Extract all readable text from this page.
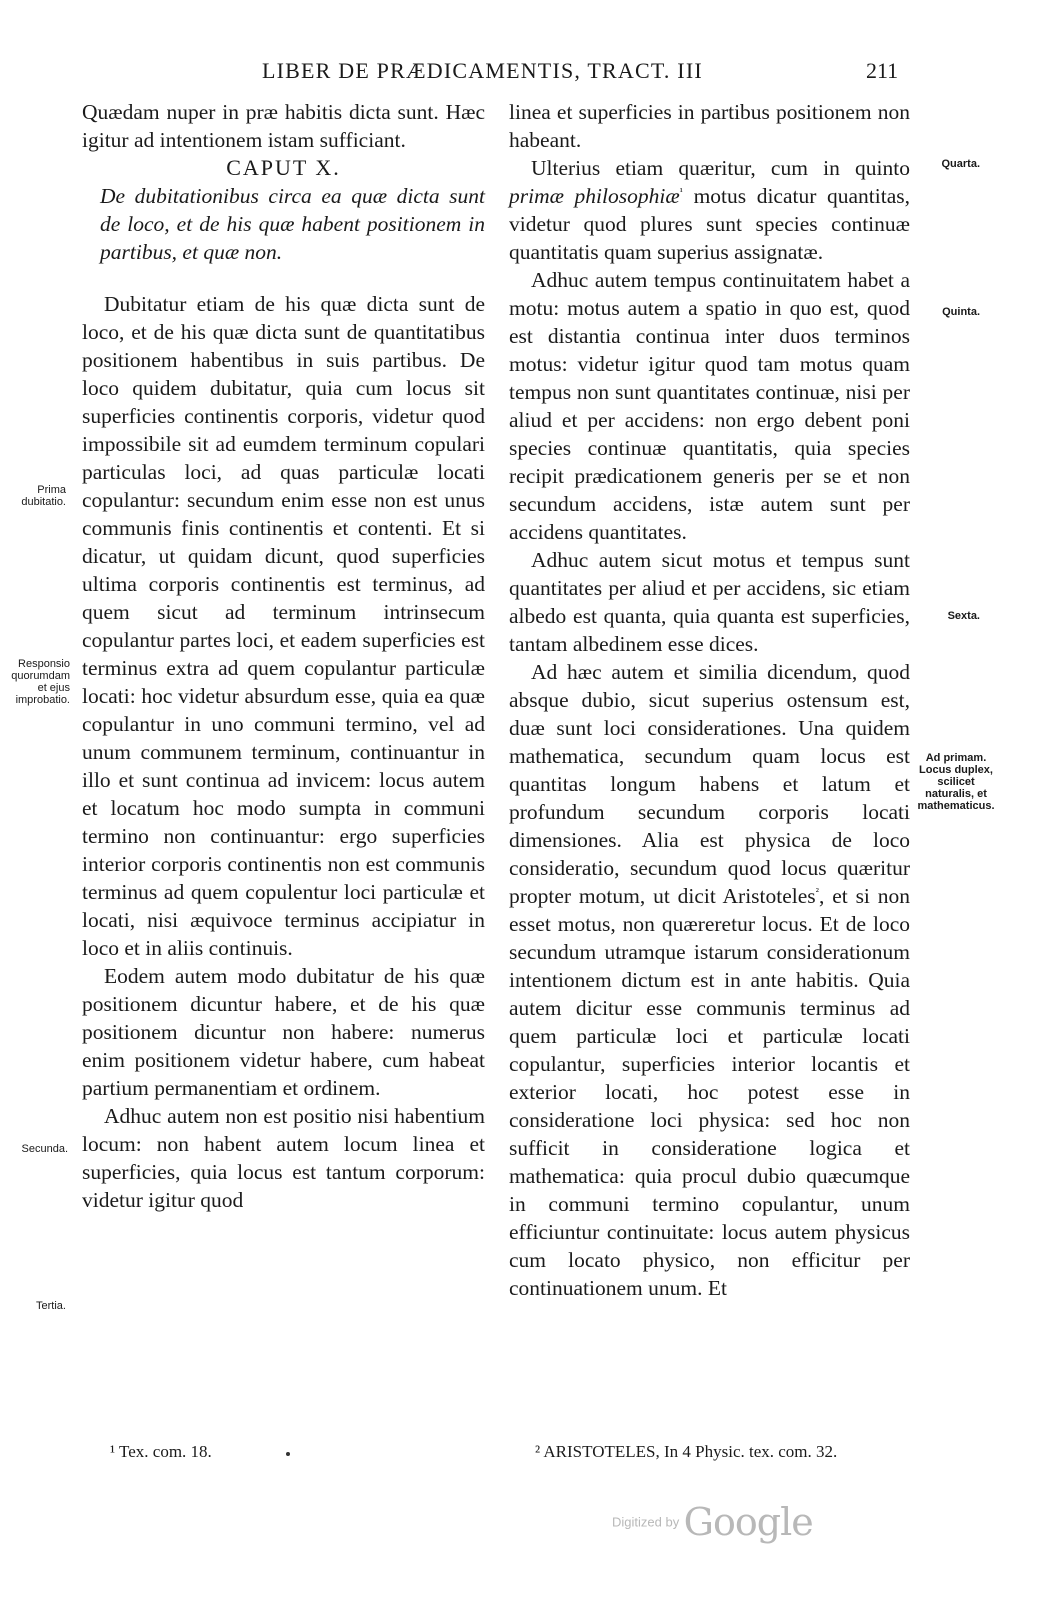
LIBER DE PRÆDICAMENTIS, TRACT. III	211

Quædam nuper in præ habitis dicta sunt. Hæc igitur ad intentionem istam sufficiant.

CAPUT X.

De dubitationibus circa ea quæ dicta sunt de loco, et de his quæ habent positionem in partibus, et quæ non.

Dubitatur etiam de his quæ dicta sunt de loco, et de his quæ dicta sunt de quantitatibus positionem habentibus in suis partibus. De loco quidem dubitatur, quia cum locus sit superficies continentis corporis, videtur quod impossibile sit ad eumdem terminum copulari particulas loci, ad quas particulæ locati copulantur: secundum enim esse non est unus communis finis continentis et contenti. Et si dicatur, ut quidam dicunt, quod superficies ultima corporis continentis est terminus, ad quem sicut ad terminum intrinsecum copulantur partes loci, et eadem superficies est terminus extra ad quem copulantur particulæ locati: hoc videtur absurdum esse, quia ea quæ copulantur in uno communi termino, vel ad unum communem terminum, continuantur in illo et sunt continua ad invicem: locus autem et locatum hoc modo sumpta in communi termino non continuantur: ergo superficies interior corporis continentis non est communis terminus ad quem copulentur loci particulæ et locati, nisi æquivoce terminus accipiatur in loco et in aliis continuis.

Eodem autem modo dubitatur de his quæ positionem dicuntur habere, et de his quæ positionem dicuntur non habere: numerus enim positionem videtur habere, cum habeat partium permanentiam et ordinem.

Adhuc autem non est positio nisi habentium locum: non habent autem locum linea et superficies, quia locus est tantum corporum: videtur igitur quod

linea et superficies in partibus positionem non habeant.

Ulterius etiam quæritur, cum in quinto primæ philosophiæ$^{^1}$ motus dicatur quantitas, videtur quod plures sunt species continuæ quantitatis quam superius assignatæ.

Adhuc autem tempus continuitatem habet a motu: motus autem a spatio in quo est, quod est distantia continua inter duos terminos motus: videtur igitur quod tam motus quam tempus non sunt quantitates continuæ, nisi per aliud et per accidens: non ergo debent poni species continuæ quantitatis, quia species recipit prædicationem generis per se et non secundum accidens, istæ autem sunt per accidens quantitates.

Adhuc autem sicut motus et tempus sunt quantitates per aliud et per accidens, sic etiam albedo est quanta, quia quanta est superficies, tantam albedinem esse dices.

Ad hæc autem et similia dicendum, quod absque dubio, sicut superius ostensum est, duæ sunt loci considerationes. Una quidem mathematica, secundum quam locus est quantitas longum habens et latum et profundum secundum corporis locati dimensiones. Alia est physica de loco consideratio, secundum quod locus quæritur propter motum, ut dicit Aristoteles$^{^2}$, et si non esset motus, non quæreretur locus. Et de loco secundum utramque istarum considerationum intentionem dictum est in ante habitis. Quia autem dicitur esse communis terminus ad quem particulæ loci et particulæ locati copulantur, superficies interior locantis et exterior locati, hoc potest esse in consideratione loci physica: sed hoc non sufficit in consideratione logica et mathematica: quia procul dubio quæcumque in communi termino copulantur, unum efficiuntur continuitate: locus autem physicus cum locato physico, non efficitur per continuationem unum. Et

Prima dubitatio.
Responsio quorumdam et ejus improbatio.
Secunda.
Tertia.
Quarta.
Quinta.
Sexta.
Ad primam. Locus duplex, scilicet naturalis, et mathematicus.
¹ Tex. com. 18.	² ARISTOTELES, In 4 Physic. tex. com. 32.
Digitized by Google
